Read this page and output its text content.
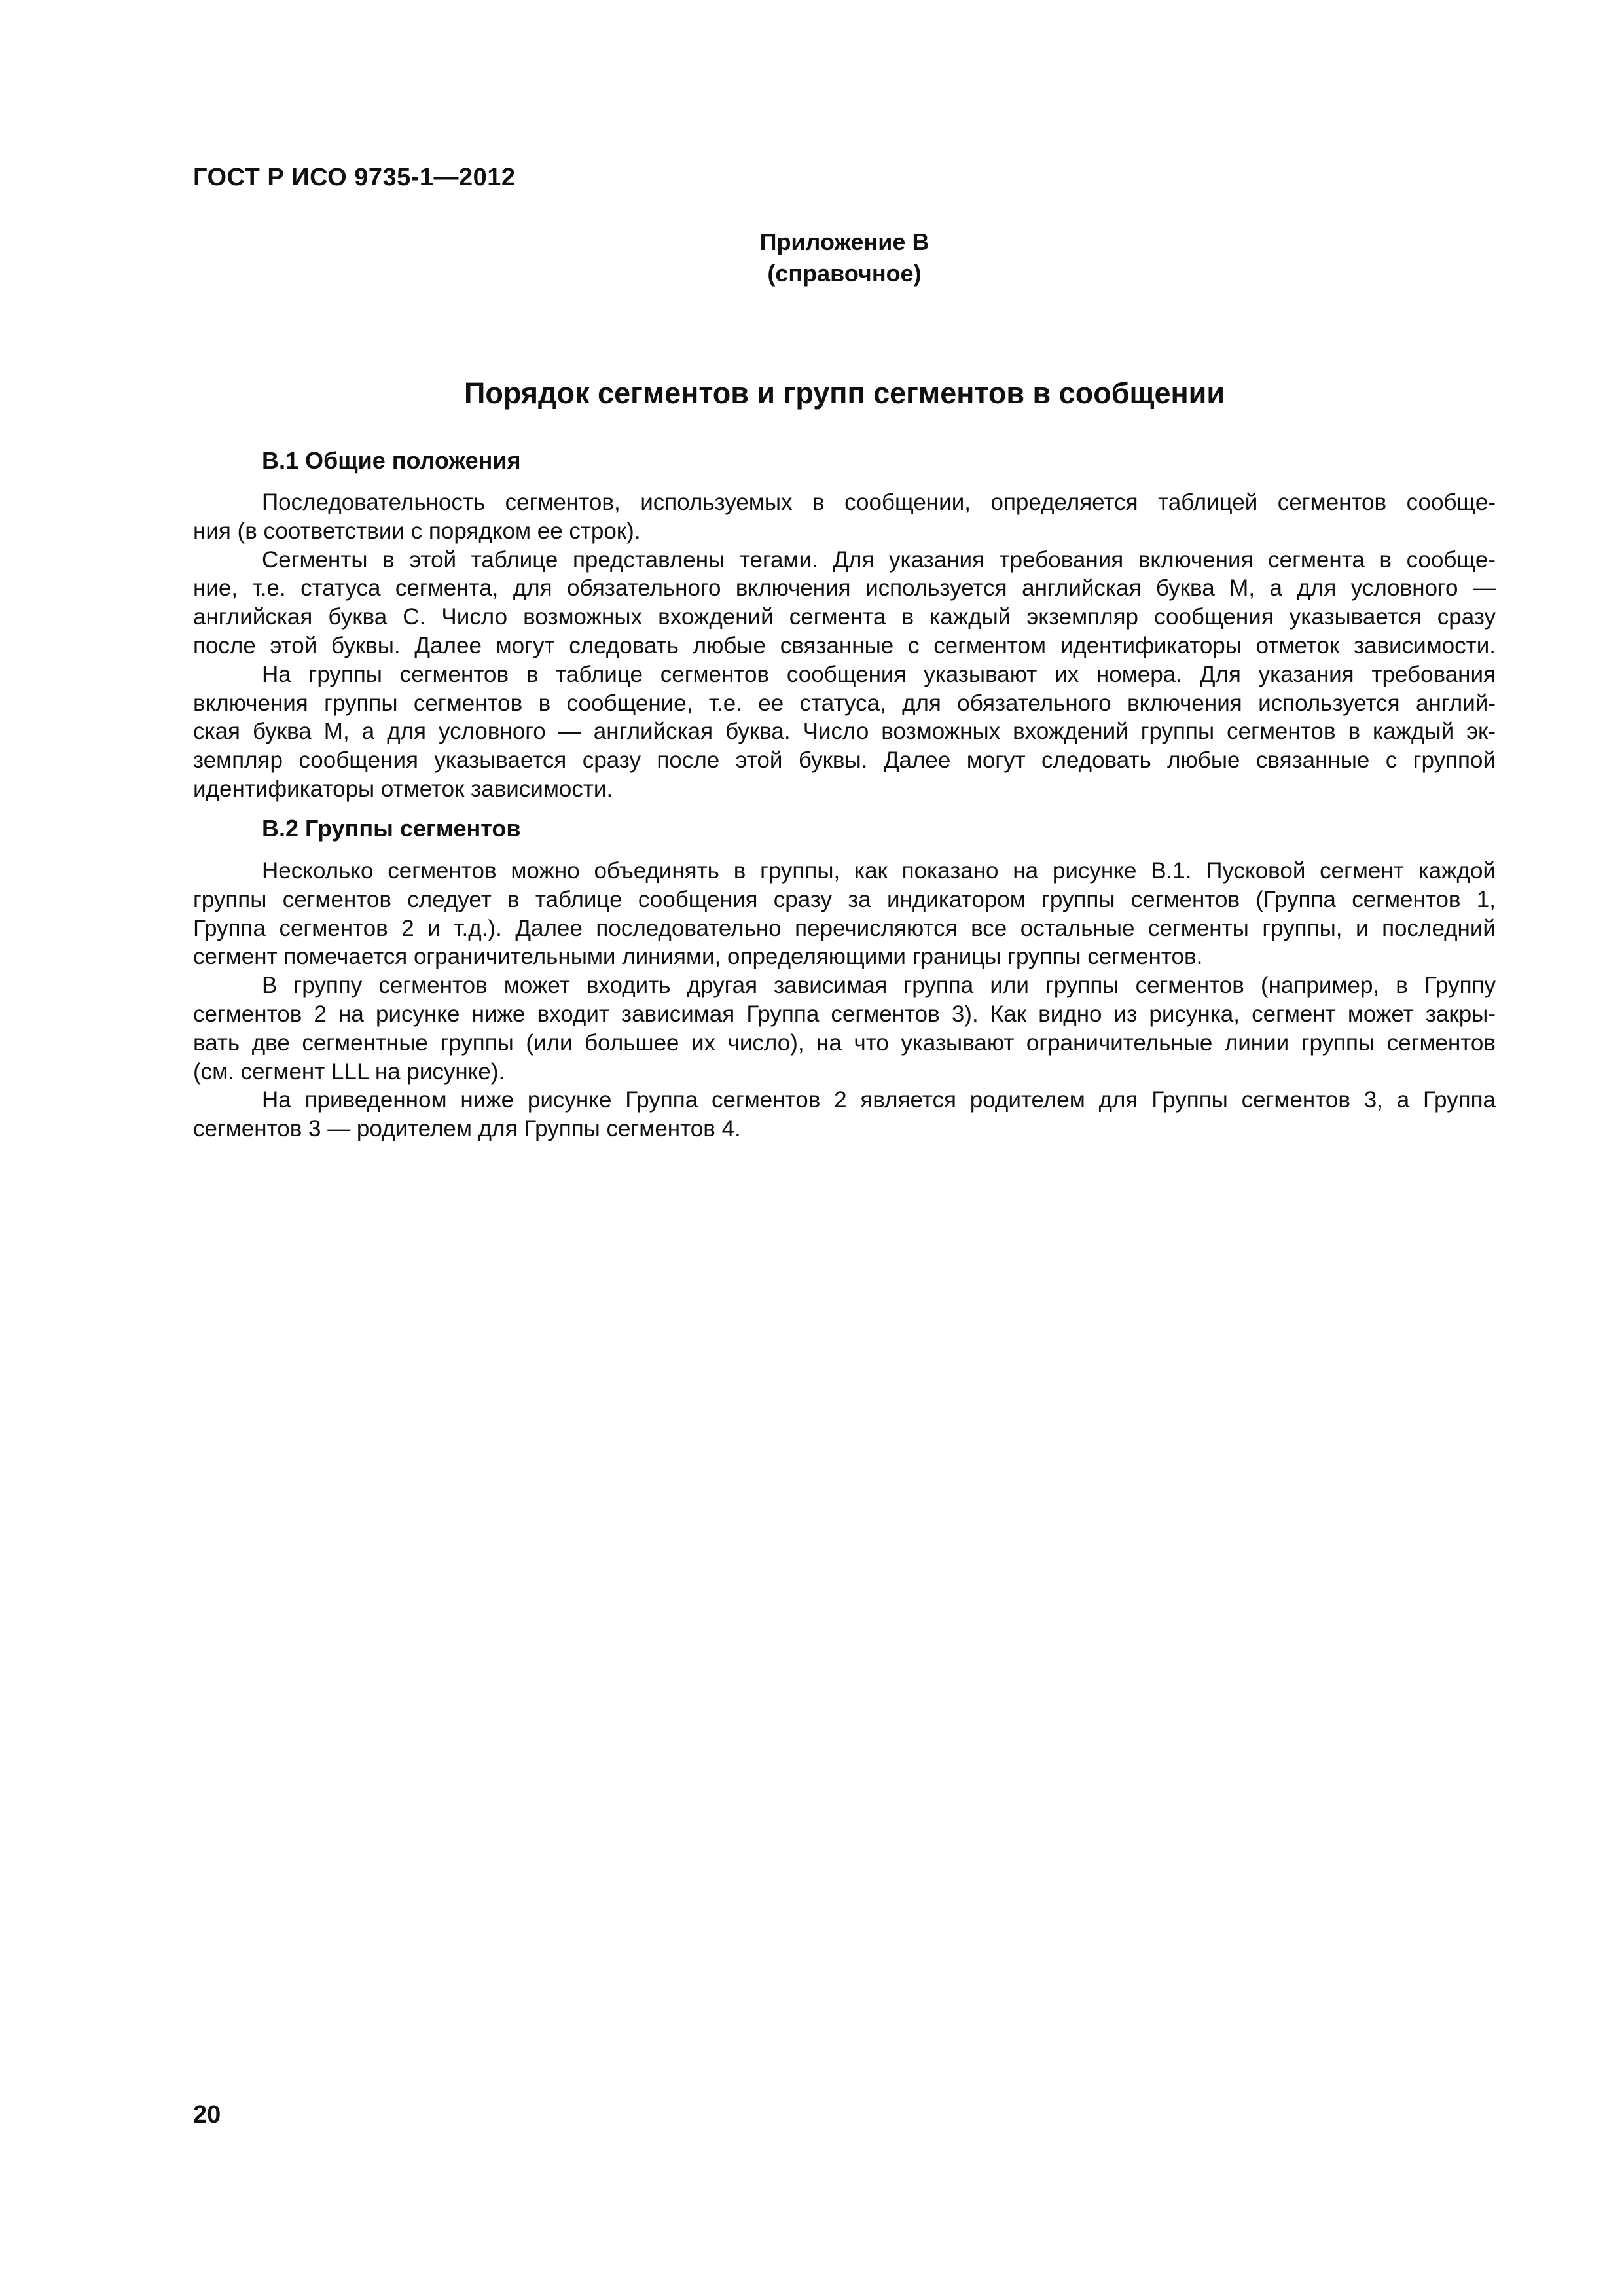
ГОСТ Р ИСО 9735-1—2012
Приложение В
(справочное)
Порядок сегментов и групп сегментов в сообщении
В.1 Общие положения
Последовательность сегментов, используемых в сообщении, определяется таблицей сегментов сообще-
ния (в соответствии с порядком ее строк).
Сегменты в этой таблице представлены тегами. Для указания требования включения сегмента в сообще-
ние, т.е. статуса сегмента, для обязательного включения используется английская буква М, а для условного —
английская буква С. Число возможных вхождений сегмента в каждый экземпляр сообщения указывается сразу
после этой буквы. Далее могут следовать любые связанные с сегментом идентификаторы отметок зависимости.
На группы сегментов в таблице сегментов сообщения указывают их номера. Для указания требования
включения группы сегментов в сообщение, т.е. ее статуса, для обязательного включения используется англий-
ская буква М, а для условного — английская буква. Число возможных вхождений группы сегментов в каждый эк-
земпляр сообщения указывается сразу после этой буквы. Далее могут следовать любые связанные с группой
идентификаторы отметок зависимости.
В.2 Группы сегментов
Несколько сегментов можно объединять в группы, как показано на рисунке В.1. Пусковой сегмент каждой
группы сегментов следует в таблице сообщения сразу за индикатором группы сегментов (Группа сегментов 1,
Группа сегментов 2 и т.д.). Далее последовательно перечисляются все остальные сегменты группы, и последний
сегмент помечается ограничительными линиями, определяющими границы группы сегментов.
В группу сегментов может входить другая зависимая группа или группы сегментов (например, в Группу
сегментов 2 на рисунке ниже входит зависимая Группа сегментов 3). Как видно из рисунка, сегмент может закры-
вать две сегментные группы (или большее их число), на что указывают ограничительные линии группы сегментов
(см. сегмент LLL на рисунке).
На приведенном ниже рисунке Группа сегментов 2 является родителем для Группы сегментов 3, а Группа
сегментов 3 — родителем для Группы сегментов 4.
20
